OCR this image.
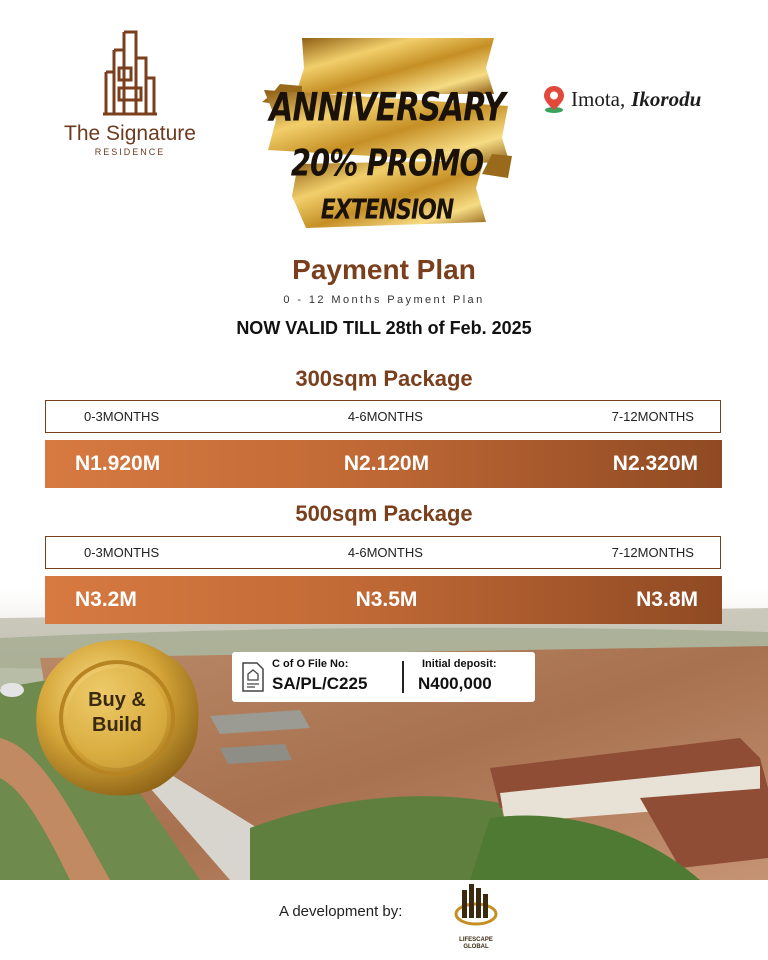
The Signature
RESIDENCE
ANNIVERSARY
20% PROMO
EXTENSION
Imota, Ikorodu
Payment Plan
0 - 12 Months Payment Plan
NOW VALID TILL 28th of Feb. 2025
300sqm Package
0-3MONTHS	4-6MONTHS	7-12MONTHS
N1.920M	N2.120M	N2.320M
500sqm Package
0-3MONTHS	4-6MONTHS	7-12MONTHS
N3.2M	N3.5M	N3.8M
Buy &
Build
C of O File No:
SA/PL/C225
Initial deposit:
N400,000
A development by:
LIFESCAPE
GLOBAL
